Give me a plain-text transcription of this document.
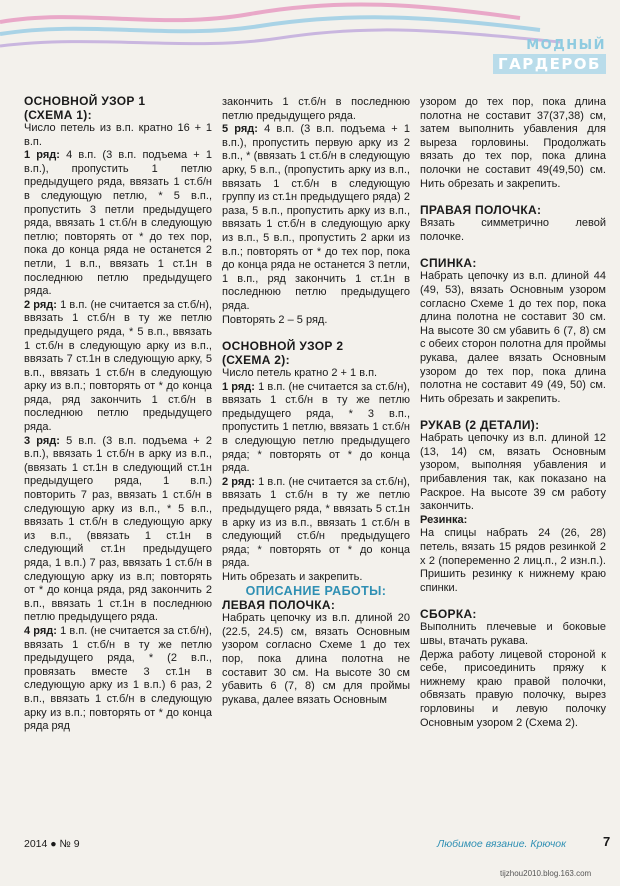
МОДНЫЙ
ГАРДЕРОБ

ОСНОВНОЙ УЗОР 1

(СХЕМА 1):

Число петель из в.п. кратно 16 + 1 в.п.

1 ряд: 4 в.п. (3 в.п. подъема + 1 в.п.), пропустить 1 петлю предыдущего ряда, ввязать 1 ст.б/н в следующую петлю, * 5 в.п., пропустить 3 петли предыдущего ряда, ввязать 1 ст.б/н в следующую петлю; повторять от * до тех пор, пока до конца ряда не останется 2 петли, 1 в.п., ввязать 1 ст.1н в последнюю петлю предыдущего ряда.

2 ряд: 1 в.п. (не считается за ст.б/н), ввязать 1 ст.б/н в ту же петлю предыдущего ряда, * 5 в.п., ввязать 1 ст.б/н в следующую арку из в.п., ввязать 7 ст.1н в следующую арку, 5 в.п., ввязать 1 ст.б/н в следующую арку из в.п.; повторять от * до конца ряда, ряд закончить 1 ст.б/н в последнюю петлю предыдущего ряда.

3 ряд: 5 в.п. (3 в.п. подъема + 2 в.п.), ввязать 1 ст.б/н в арку из в.п., (ввязать 1 ст.1н в следующий ст.1н предыдущего ряда, 1 в.п.) повторить 7 раз, ввязать 1 ст.б/н в следующую арку из в.п., * 5 в.п., ввязать 1 ст.б/н в следующую арку из в.п., (ввязать 1 ст.1н в следующий ст.1н предыдущего ряда, 1 в.п.) 7 раз, ввязать 1 ст.б/н в следующую арку из в.п; повторять от * до конца ряда, ряд закончить 2 в.п., ввязать 1 ст.1н в последнюю петлю предыдущего ряда.

4 ряд: 1 в.п. (не считается за ст.б/н), ввязать 1 ст.б/н в ту же петлю предыдущего ряда, * (2 в.п., провязать вместе 3 ст.1н в следующую арку из 1 в.п.) 6 раз, 2 в.п., ввязать 1 ст.б/н в следующую арку из в.п.; повторять от * до конца ряда ряд

закончить 1 ст.б/н в последнюю петлю предыдущего ряда.

5 ряд: 4 в.п. (3 в.п. подъема + 1 в.п.), пропустить первую арку из 2 в.п., * (ввязать 1 ст.б/н в следующую арку, 5 в.п., (пропустить арку из в.п., ввязать 1 ст.б/н в следующую группу из ст.1н предыдущего ряда) 2 раза, 5 в.п., пропустить арку из в.п., ввязать 1 ст.б/н в следующую арку из в.п., 5 в.п., пропустить 2 арки из в.п.; повторять от * до тех пор, пока до конца ряда не останется 3 петли, 1 в.п., ряд закончить 1 ст.1н в последнюю петлю предыдущего ряда.

Повторять 2 – 5 ряд.

ОСНОВНОЙ УЗОР 2

(СХЕМА 2):

Число петель кратно 2 + 1 в.п.

1 ряд: 1 в.п. (не считается за ст.б/н), ввязать 1 ст.б/н в ту же петлю предыдущего ряда, * 3 в.п., пропустить 1 петлю, ввязать 1 ст.б/н в следующую петлю предыдущего ряда; * повторять от * до конца ряда.

2 ряд: 1 в.п. (не считается за ст.б/н), ввязать 1 ст.б/н в ту же петлю предыдущего ряда, * ввязать 5 ст.1н в арку из из в.п., ввязать 1 ст.б/н в следующий ст.б/н предыдущего ряда; * повторять от * до конца ряда.

Нить обрезать и закрепить.

ОПИСАНИЕ РАБОТЫ:

ЛЕВАЯ ПОЛОЧКА:

Набрать цепочку из в.п. длиной 20 (22.5, 24.5) см, вязать Основным узором согласно Схеме 1 до тех пор, пока длина полотна не составит 30 см. На высоте 30 см убавить 6 (7, 8) см для проймы рукава, далее вязать Основным

узором до тех пор, пока длина полотна не составит 37(37,38) см, затем выполнить убавления для выреза горловины. Продолжать вязать до тех пор, пока длина полочки не составит 49(49,50) см. Нить обрезать и закрепить.

ПРАВАЯ ПОЛОЧКА:

Вязать симметрично левой полочке.

СПИНКА:

Набрать цепочку из в.п. длиной 44 (49, 53), вязать Основным узором согласно Схеме 1 до тех пор, пока длина полотна не составит 30 см. На высоте 30 см убавить 6 (7, 8) см с обеих сторон полотна для проймы рукава, далее вязать Основным узором до тех пор, пока длина полотна не составит 49 (49, 50) см. Нить обрезать и закрепить.

РУКАВ (2 ДЕТАЛИ):

Набрать цепочку из в.п. длиной 12 (13, 14) см, вязать Основным узором, выполняя убавления и прибавления так, как показано на Раскрое. На высоте 39 см работу закончить.

Резинка:

На спицы набрать 24 (26, 28) петель, вязать 15 рядов резинкой 2 х 2 (попеременно 2 лиц.п., 2 изн.п.). Пришить резинку к нижнему краю спинки.

СБОРКА:

Выполнить плечевые и боковые швы, втачать рукава.

Держа работу лицевой стороной к себе, присоединить пряжу к нижнему краю правой полочки, обвязать правую полочку, вырез горловины и левую полочку Основным узором 2 (Схема 2).

2014 ● № 9	Любимое вязание. Крючок	7
tijzhou2010.blog.163.com
